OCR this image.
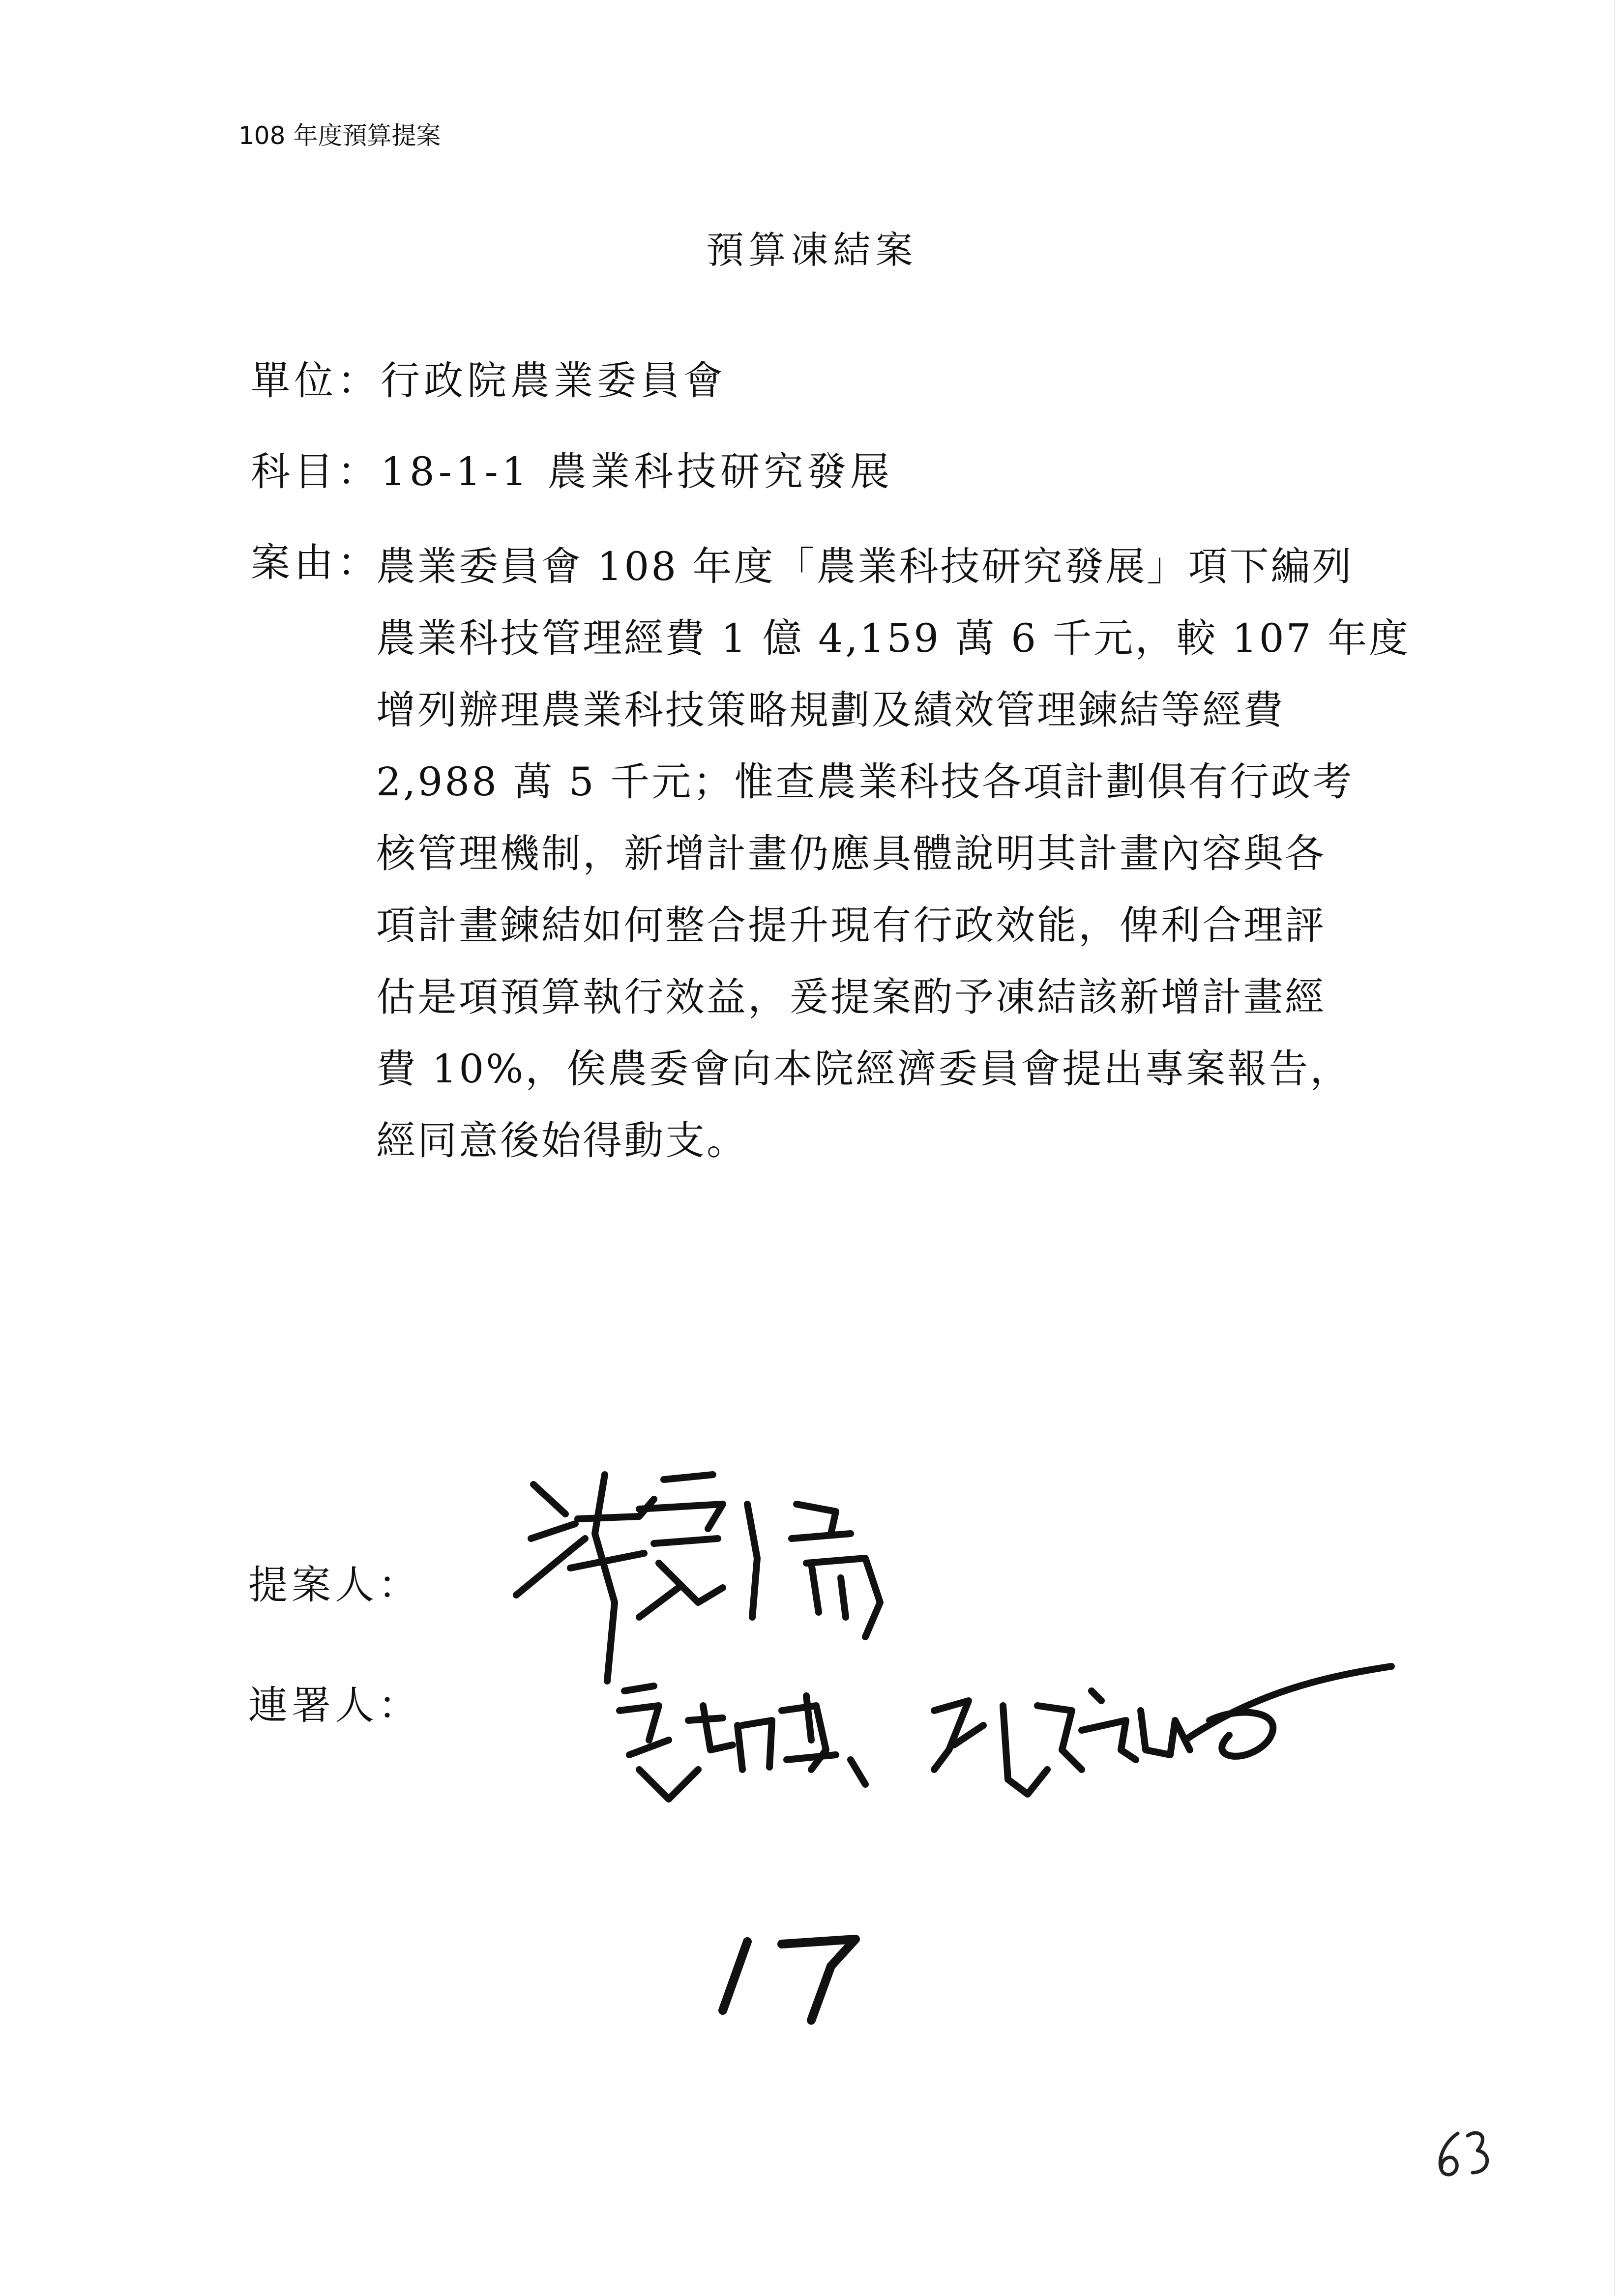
108 年度預算提案
預算凍結案
單位：行政院農業委員會
科目：18-1-1 農業科技研究發展
案由：
農業委員會 108 年度「農業科技研究發展」項下編列
農業科技管理經費 1 億 4,159 萬 6 千元，較 107 年度
增列辦理農業科技策略規劃及績效管理鍊結等經費
2,988 萬 5 千元；惟查農業科技各項計劃俱有行政考
核管理機制，新增計畫仍應具體說明其計畫內容與各
項計畫鍊結如何整合提升現有行政效能，俾利合理評
估是項預算執行效益，爰提案酌予凍結該新增計畫經
費 10%，俟農委會向本院經濟委員會提出專案報告，
經同意後始得動支。
提案人：
連署人：
17
63
